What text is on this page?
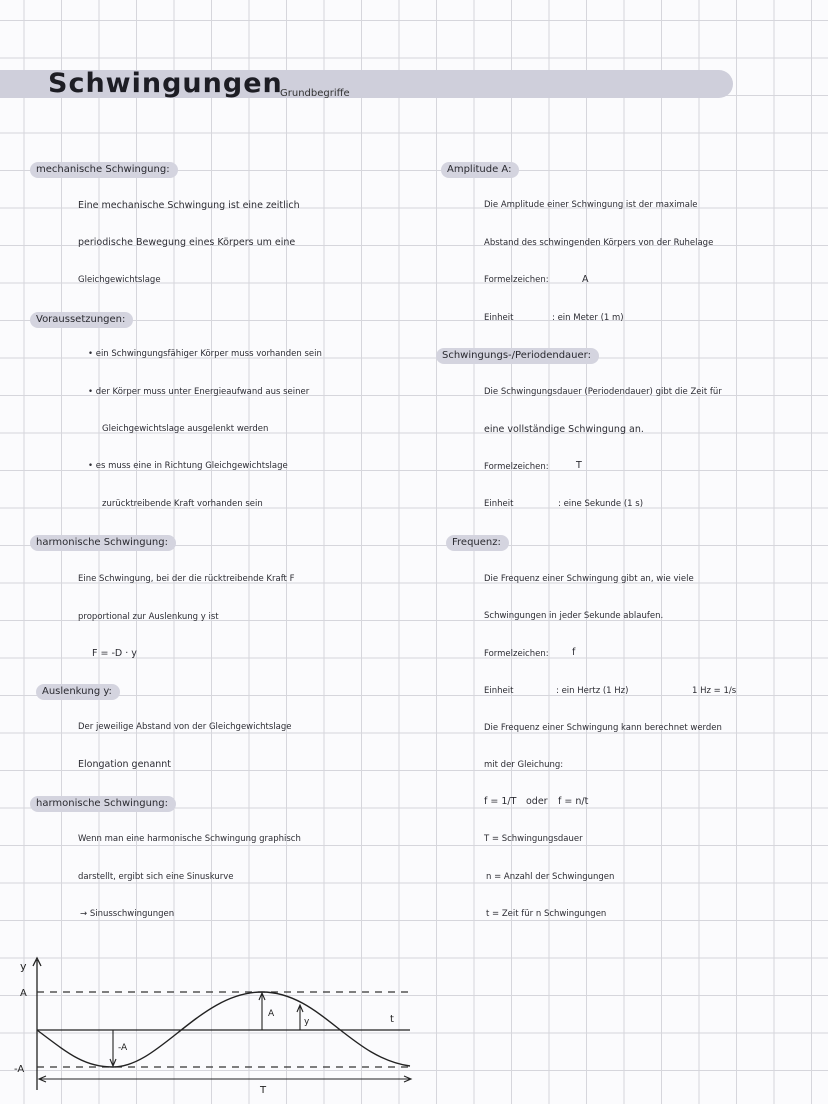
Schwingungen
Grundbegriffe
mechanische Schwingung:
Eine mechanische Schwingung ist eine zeitlich
periodische Bewegung eines Körpers um eine
Gleichgewichtslage
Voraussetzungen:
• ein Schwingungsfähiger Körper muss vorhanden sein
• der Körper muss unter Energieaufwand aus seiner
Gleichgewichtslage ausgelenkt werden
• es muss eine in Richtung Gleichgewichtslage
zurücktreibende Kraft vorhanden sein
harmonische Schwingung:
Eine Schwingung, bei der die rücktreibende Kraft F
proportional zur Auslenkung y ist
F = -D · y
Auslenkung y:
Der jeweilige Abstand von der Gleichgewichtslage
Elongation genannt
harmonische Schwingung:
Wenn man eine harmonische Schwingung graphisch
darstellt, ergibt sich eine Sinuskurve
→ Sinusschwingungen
y
A
-A
-A
A
y	t
T
Amplitude A:
Die Amplitude einer Schwingung ist der maximale
Abstand des schwingenden Körpers von der Ruhelage
Formelzeichen:	A
Einheit	: ein Meter (1 m)
Schwingungs-/Periodendauer:
Die Schwingungsdauer (Periodendauer) gibt die Zeit für
eine vollständige Schwingung an.
Formelzeichen:	T
Einheit	: eine Sekunde (1 s)
Frequenz:
Die Frequenz einer Schwingung gibt an, wie viele
Schwingungen in jeder Sekunde ablaufen.
Formelzeichen: f
Einheit	: ein Hertz (1 Hz)	1 Hz = 1/s
Die Frequenz einer Schwingung kann berechnet werden
mit der Gleichung:
f = 1/T oder f = n/t
T = Schwingungsdauer
n = Anzahl der Schwingungen
t = Zeit für n Schwingungen
